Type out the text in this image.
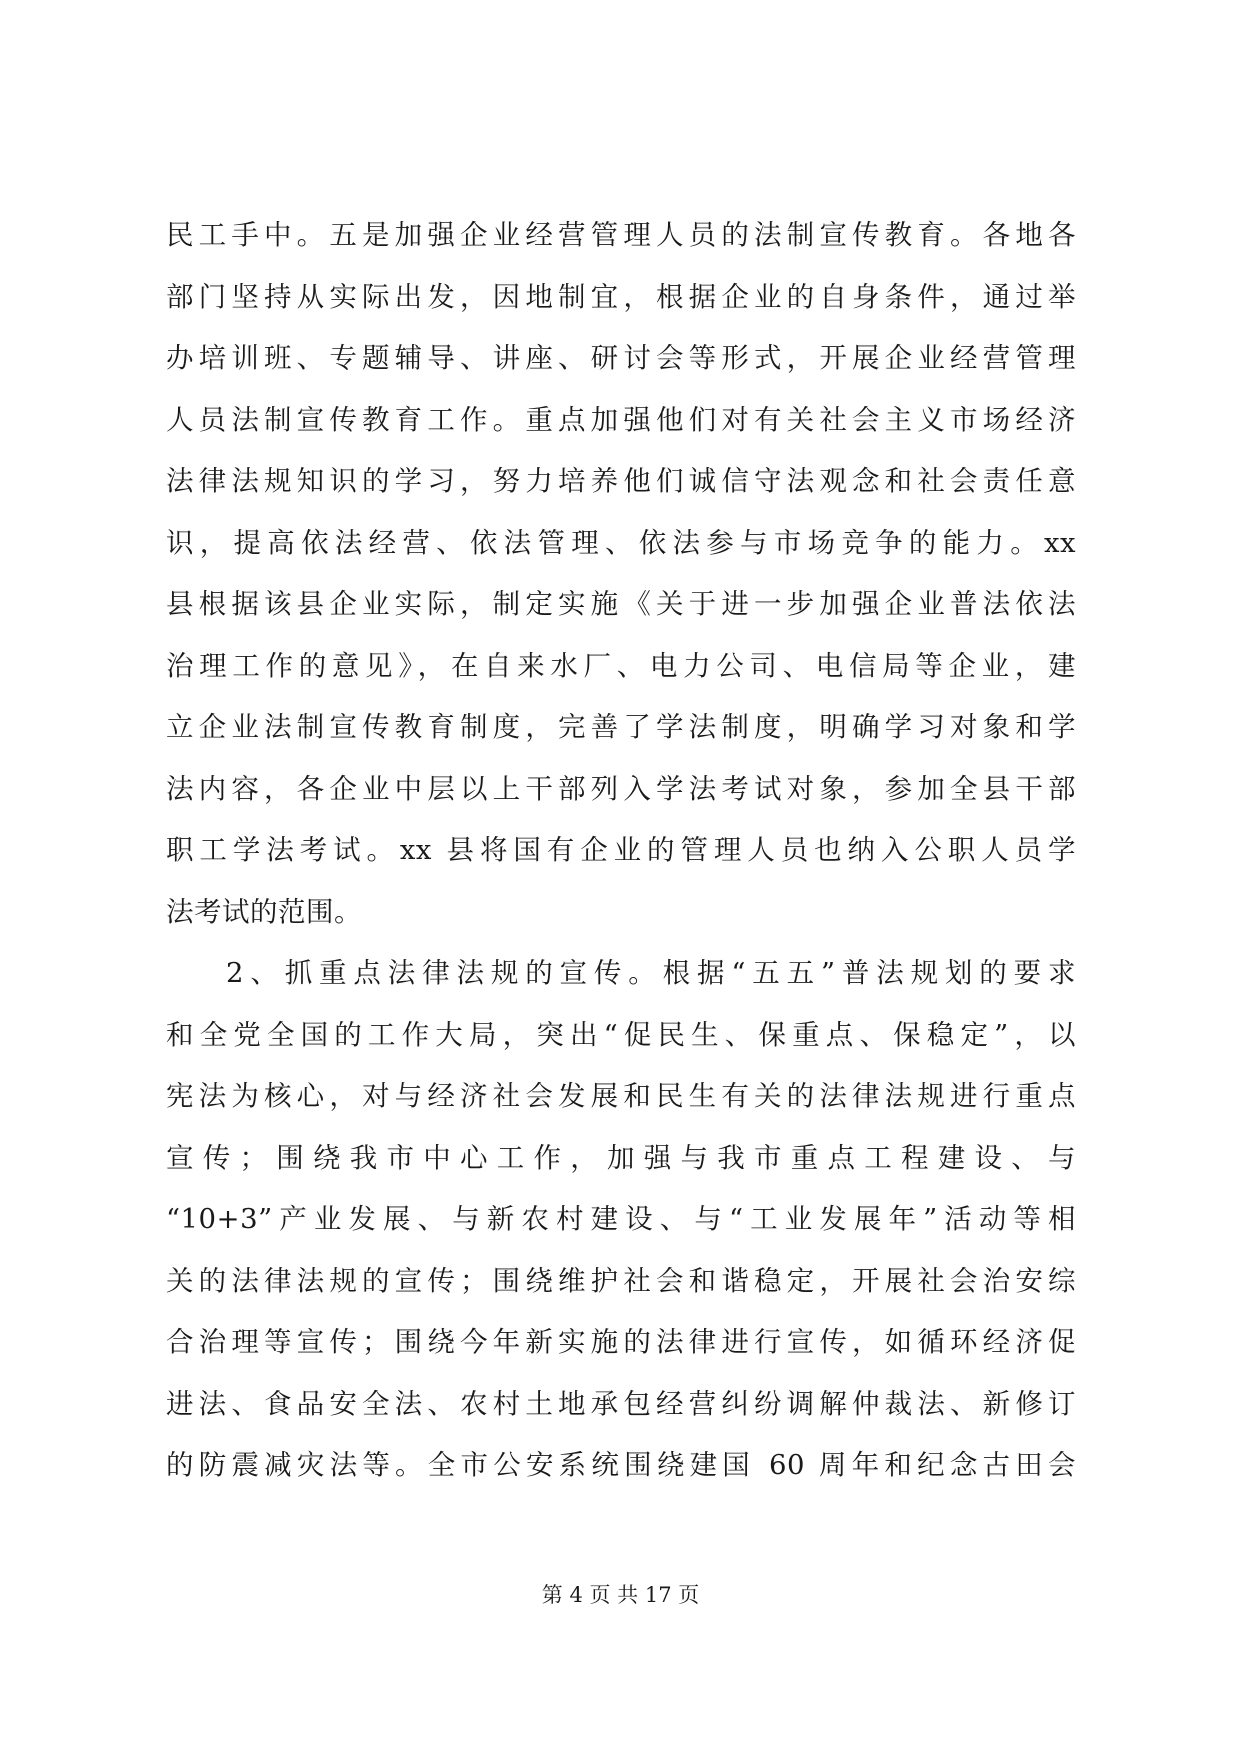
民工手中。五是加强企业经营管理人员的法制宣传教育。各地各
部门坚持从实际出发，因地制宜，根据企业的自身条件，通过举
办培训班、专题辅导、讲座、研讨会等形式，开展企业经营管理
人员法制宣传教育工作。重点加强他们对有关社会主义市场经济
法律法规知识的学习，努力培养他们诚信守法观念和社会责任意
识，提高依法经营、依法管理、依法参与市场竞争的能力。xx
县根据该县企业实际，制定实施《关于进一步加强企业普法依法
治理工作的意见》，在自来水厂、电力公司、电信局等企业，建
立企业法制宣传教育制度，完善了学法制度，明确学习对象和学
法内容，各企业中层以上干部列入学法考试对象，参加全县干部
职工学法考试。xx 县将国有企业的管理人员也纳入公职人员学
法考试的范围。
2、抓重点法律法规的宣传。根据“五五”普法规划的要求
和全党全国的工作大局，突出“促民生、保重点、保稳定”，以
宪法为核心，对与经济社会发展和民生有关的法律法规进行重点
宣传；围绕我市中心工作，加强与我市重点工程建设、与
“10+3”产业发展、与新农村建设、与“工业发展年”活动等相
关的法律法规的宣传；围绕维护社会和谐稳定，开展社会治安综
合治理等宣传；围绕今年新实施的法律进行宣传，如循环经济促
进法、食品安全法、农村土地承包经营纠纷调解仲裁法、新修订
的防震减灾法等。全市公安系统围绕建国 60 周年和纪念古田会
第 4 页 共 17 页
